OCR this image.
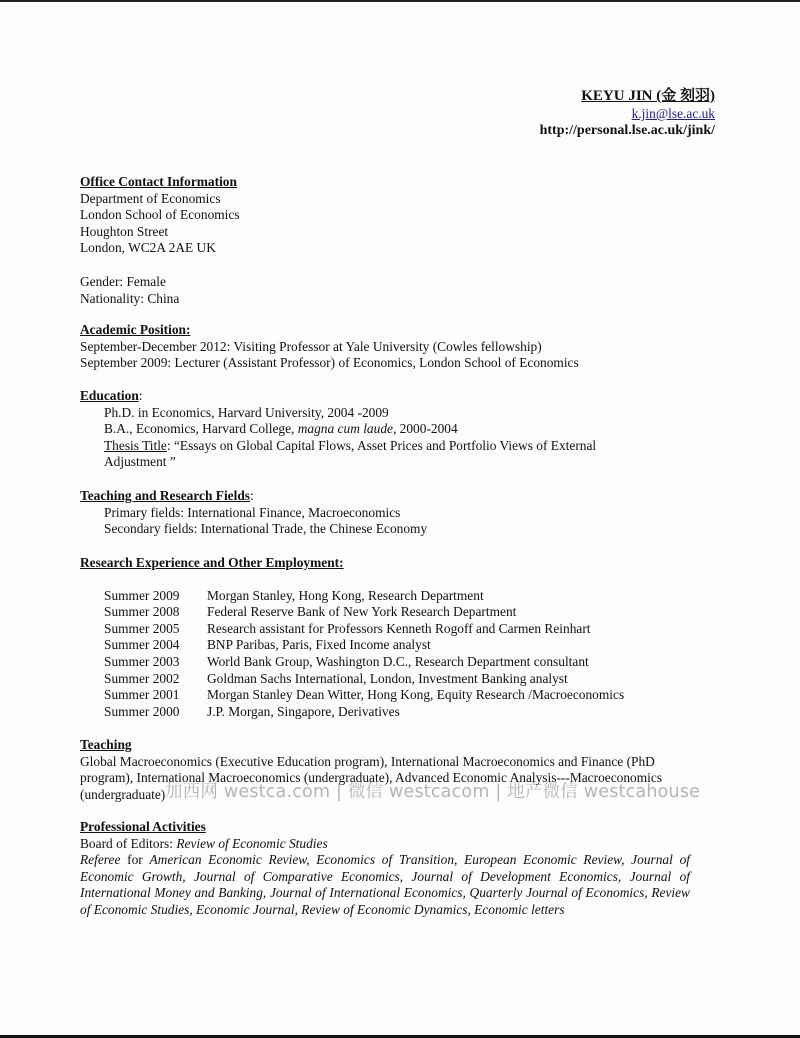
KEYU JIN (金 刻羽)
k.jin@lse.ac.uk
http://personal.lse.ac.uk/jink/
Office Contact Information
Department of Economics
London School of Economics
Houghton Street
London, WC2A 2AE UK
Gender: Female
Nationality: China
Academic Position:
September-December 2012: Visiting Professor at Yale University (Cowles fellowship)
September 2009: Lecturer (Assistant Professor) of Economics, London School of Economics
Education:
Ph.D. in Economics, Harvard University, 2004 -2009
B.A., Economics, Harvard College, magna cum laude, 2000-2004
Thesis Title: “Essays on Global Capital Flows, Asset Prices and Portfolio Views of External
Adjustment ”
Teaching and Research Fields:
Primary fields: International Finance, Macroeconomics
Secondary fields: International Trade, the Chinese Economy
Research Experience and Other Employment:
Summer 2009	Morgan Stanley, Hong Kong, Research Department
Summer 2008	Federal Reserve Bank of New York Research Department
Summer 2005	Research assistant for Professors Kenneth Rogoff and Carmen Reinhart
Summer 2004	BNP Paribas, Paris, Fixed Income analyst
Summer 2003	World Bank Group, Washington D.C., Research Department consultant
Summer 2002	Goldman Sachs International, London, Investment Banking analyst
Summer 2001	Morgan Stanley Dean Witter, Hong Kong, Equity Research /Macroeconomics
Summer 2000	J.P. Morgan, Singapore, Derivatives
Teaching
Global Macroeconomics (Executive Education program), International Macroeconomics and Finance (PhD program), International Macroeconomics (undergraduate), Advanced Economic Analysis---Macroeconomics (undergraduate) 加西网 westca.com | 微信 westcacom | 地产微信 westcahouse
Professional Activities
Board of Editors: Review of Economic Studies
Referee for American Economic Review, Economics of Transition, European Economic Review, Journal of Economic Growth, Journal of Comparative Economics, Journal of Development Economics, Journal of International Money and Banking, Journal of International Economics, Quarterly Journal of Economics, Review of Economic Studies, Economic Journal, Review of Economic Dynamics, Economic letters
